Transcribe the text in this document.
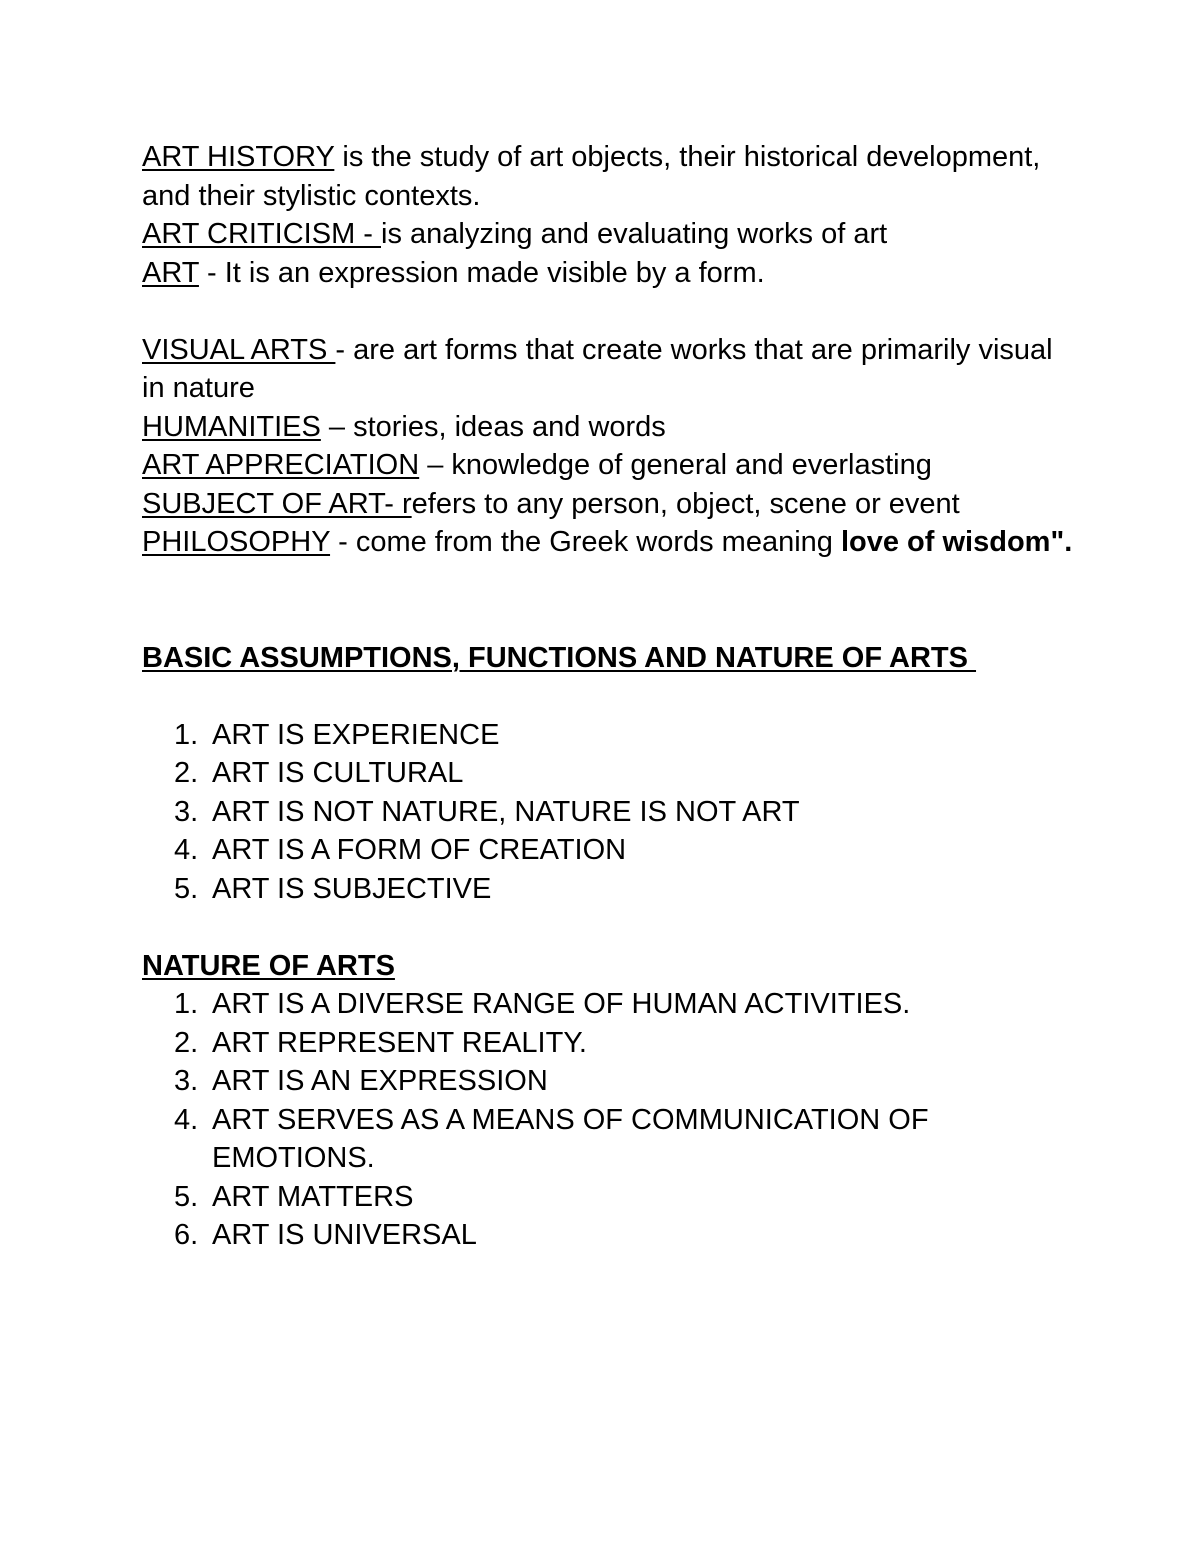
ART HISTORY is the study of art objects, their historical development, and their stylistic contexts.

ART CRITICISM - is analyzing and evaluating works of art

ART - It is an expression made visible by a form.

VISUAL ARTS - are art forms that create works that are primarily visual in nature

HUMANITIES – stories, ideas and words

ART APPRECIATION – knowledge of general and everlasting

SUBJECT OF ART- refers to any person, object, scene or event

PHILOSOPHY - come from the Greek words meaning love of wisdom".

BASIC ASSUMPTIONS, FUNCTIONS AND NATURE OF ARTS

1. ART IS EXPERIENCE
2. ART IS CULTURAL
3. ART IS NOT NATURE, NATURE IS NOT ART
4. ART IS A FORM OF CREATION
5. ART IS SUBJECTIVE

NATURE OF ARTS

1. ART IS A DIVERSE RANGE OF HUMAN ACTIVITIES.
2. ART REPRESENT REALITY.
3. ART IS AN EXPRESSION
4. ART SERVES AS A MEANS OF COMMUNICATION OF EMOTIONS.
5. ART MATTERS
6. ART IS UNIVERSAL
